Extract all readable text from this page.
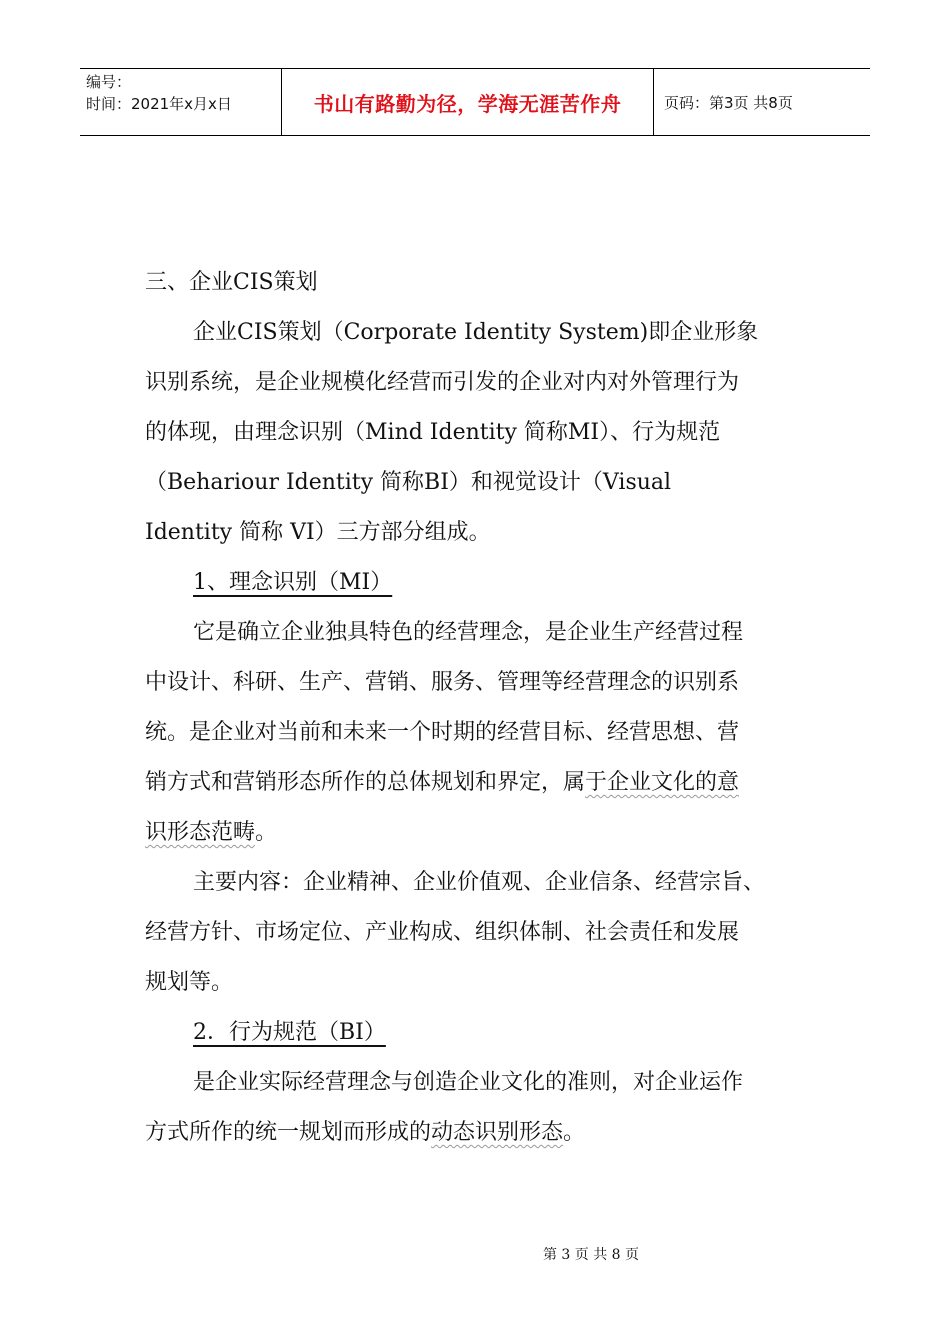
编号：
时间：2021年x月x日	书山有路勤为径，学海无涯苦作舟	页码：第3页 共8页
三、企业CIS策划
企业CIS策划（Corporate Identity System)即企业形象
识别系统，是企业规模化经营而引发的企业对内对外管理行为
的体现，由理念识别（Mind Identity 简称MI）、行为规范
（Behariour Identity 简称BI）和视觉设计（Visual
Identity 简称 VI）三方部分组成。
1、理念识别（MI）
它是确立企业独具特色的经营理念，是企业生产经营过程
中设计、科研、生产、营销、服务、管理等经营理念的识别系
统。是企业对当前和未来一个时期的经营目标、经营思想、营
销方式和营销形态所作的总体规划和界定，属于企业文化的意
识形态范畴。
主要内容：企业精神、企业价值观、企业信条、经营宗旨、
经营方针、市场定位、产业构成、组织体制、社会责任和发展
规划等。
2．行为规范（BI）
是企业实际经营理念与创造企业文化的准则，对企业运作
方式所作的统一规划而形成的动态识别形态。
第 3 页 共 8 页
